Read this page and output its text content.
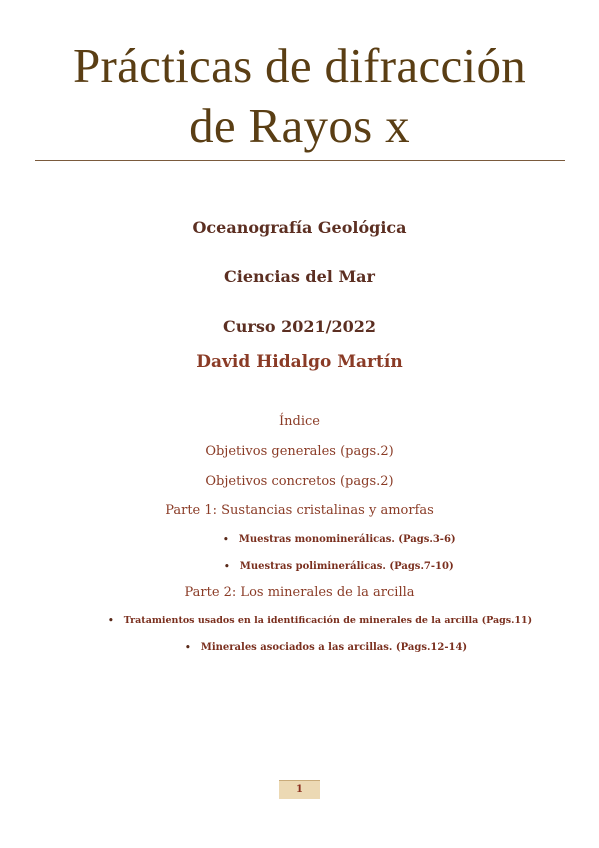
Prácticas de difracción
de Rayos x
Oceanografía Geológica
Ciencias del Mar
Curso 2021/2022
David Hidalgo Martín
Índice
Objetivos generales (pags.2)
Objetivos concretos (pags.2)
Parte 1: Sustancias cristalinas y amorfas
• Muestras monominerálicas. (Pags.3-6)
• Muestras poliminerálicas. (Pags.7-10)
Parte 2: Los minerales de la arcilla
• Tratamientos usados en la identificación de minerales de la arcilla (Pags.11)
• Minerales asociados a las arcillas. (Pags.12-14)
1
